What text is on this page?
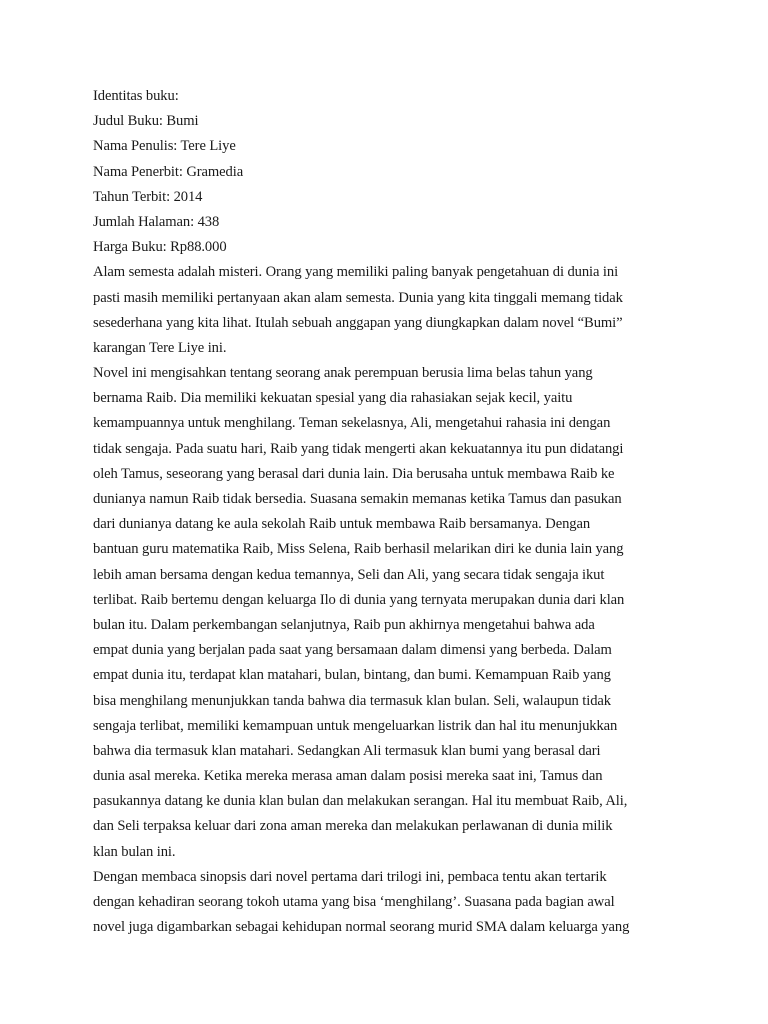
Identitas buku:
Judul Buku: Bumi
Nama Penulis: Tere Liye
Nama Penerbit: Gramedia
Tahun Terbit: 2014
Jumlah Halaman: 438
Harga Buku: Rp88.000
Alam semesta adalah misteri. Orang yang memiliki paling banyak pengetahuan di dunia ini
pasti masih memiliki pertanyaan akan alam semesta. Dunia yang kita tinggali memang tidak
sesederhana yang kita lihat. Itulah sebuah anggapan yang diungkapkan dalam novel “Bumi”
karangan Tere Liye ini.
Novel ini mengisahkan tentang seorang anak perempuan berusia lima belas tahun yang
bernama Raib. Dia memiliki kekuatan spesial yang dia rahasiakan sejak kecil, yaitu
kemampuannya untuk menghilang. Teman sekelasnya, Ali, mengetahui rahasia ini dengan
tidak sengaja. Pada suatu hari, Raib yang tidak mengerti akan kekuatannya itu pun didatangi
oleh Tamus, seseorang yang berasal dari dunia lain. Dia berusaha untuk membawa Raib ke
dunianya namun Raib tidak bersedia. Suasana semakin memanas ketika Tamus dan pasukan
dari dunianya datang ke aula sekolah Raib untuk membawa Raib bersamanya. Dengan
bantuan guru matematika Raib, Miss Selena, Raib berhasil melarikan diri ke dunia lain yang
lebih aman bersama dengan kedua temannya, Seli dan Ali, yang secara tidak sengaja ikut
terlibat. Raib bertemu dengan keluarga Ilo di dunia yang ternyata merupakan dunia dari klan
bulan itu. Dalam perkembangan selanjutnya, Raib pun akhirnya mengetahui bahwa ada
empat dunia yang berjalan pada saat yang bersamaan dalam dimensi yang berbeda. Dalam
empat dunia itu, terdapat klan matahari, bulan, bintang, dan bumi. Kemampuan Raib yang
bisa menghilang menunjukkan tanda bahwa dia termasuk klan bulan. Seli, walaupun tidak
sengaja terlibat, memiliki kemampuan untuk mengeluarkan listrik dan hal itu menunjukkan
bahwa dia termasuk klan matahari. Sedangkan Ali termasuk klan bumi yang berasal dari
dunia asal mereka. Ketika mereka merasa aman dalam posisi mereka saat ini, Tamus dan
pasukannya datang ke dunia klan bulan dan melakukan serangan. Hal itu membuat Raib, Ali,
dan Seli terpaksa keluar dari zona aman mereka dan melakukan perlawanan di dunia milik
klan bulan ini.
Dengan membaca sinopsis dari novel pertama dari trilogi ini, pembaca tentu akan tertarik
dengan kehadiran seorang tokoh utama yang bisa ‘menghilang’. Suasana pada bagian awal
novel juga digambarkan sebagai kehidupan normal seorang murid SMA dalam keluarga yang
